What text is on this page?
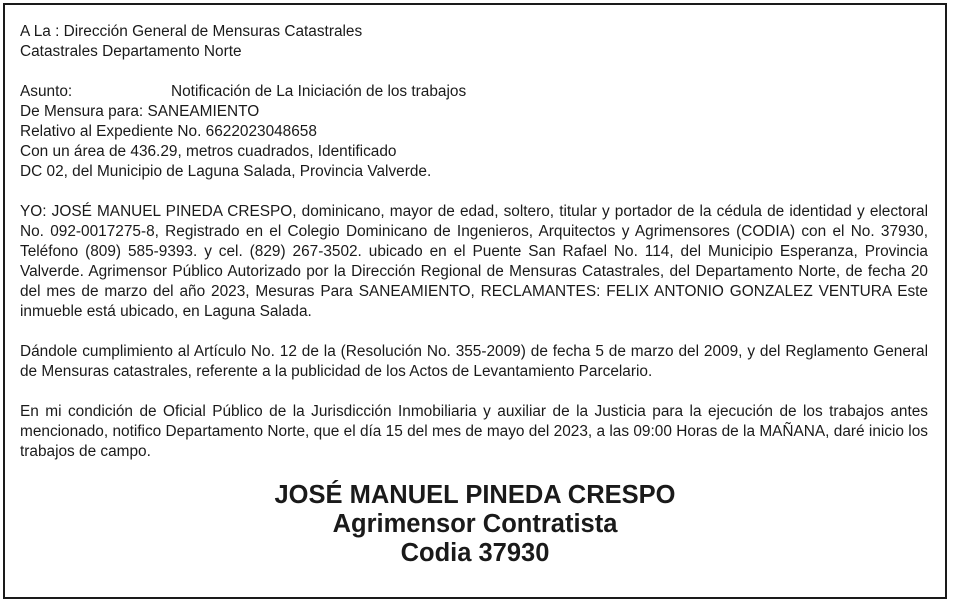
A La : Dirección General de Mensuras Catastrales
Catastrales Departamento Norte
Asunto:	Notificación de La Iniciación de los trabajos
De Mensura para: SANEAMIENTO
Relativo al Expediente No. 6622023048658
Con un área de 436.29, metros cuadrados, Identificado
DC 02, del Municipio de Laguna Salada, Provincia Valverde.

YO: JOSÉ MANUEL PINEDA CRESPO, dominicano, mayor de edad, soltero, titular y portador de la cédula de identidad y electoral No. 092-0017275-8, Registrado en el Colegio Dominicano de Ingenieros, Arquitectos y Agrimensores (CODIA) con el No. 37930, Teléfono (809) 585-9393. y cel. (829) 267-3502. ubicado en el Puente San Rafael No. 114, del Municipio Esperanza, Provincia Valverde. Agrimensor Público Autorizado por la Dirección Regional de Mensuras Catastrales, del Departamento Norte, de fecha 20 del mes de marzo del año 2023, Mesuras Para SANEAMIENTO, RECLAMANTES: FELIX ANTONIO GONZALEZ VENTURA Este inmueble está ubicado, en Laguna Salada.

Dándole cumplimiento al Artículo No. 12 de la (Resolución No. 355-2009) de fecha 5 de marzo del 2009, y del Reglamento General de Mensuras catastrales, referente a la publicidad de los Actos de Levantamiento Parcelario.

En mi condición de Oficial Público de la Jurisdicción Inmobiliaria y auxiliar de la Justicia para la ejecución de los trabajos antes mencionado, notifico Departamento Norte, que el día 15 del mes de mayo del 2023, a las 09:00 Horas de la MAÑANA, daré inicio los trabajos de campo.

JOSÉ MANUEL PINEDA CRESPO
Agrimensor Contratista
Codia 37930
